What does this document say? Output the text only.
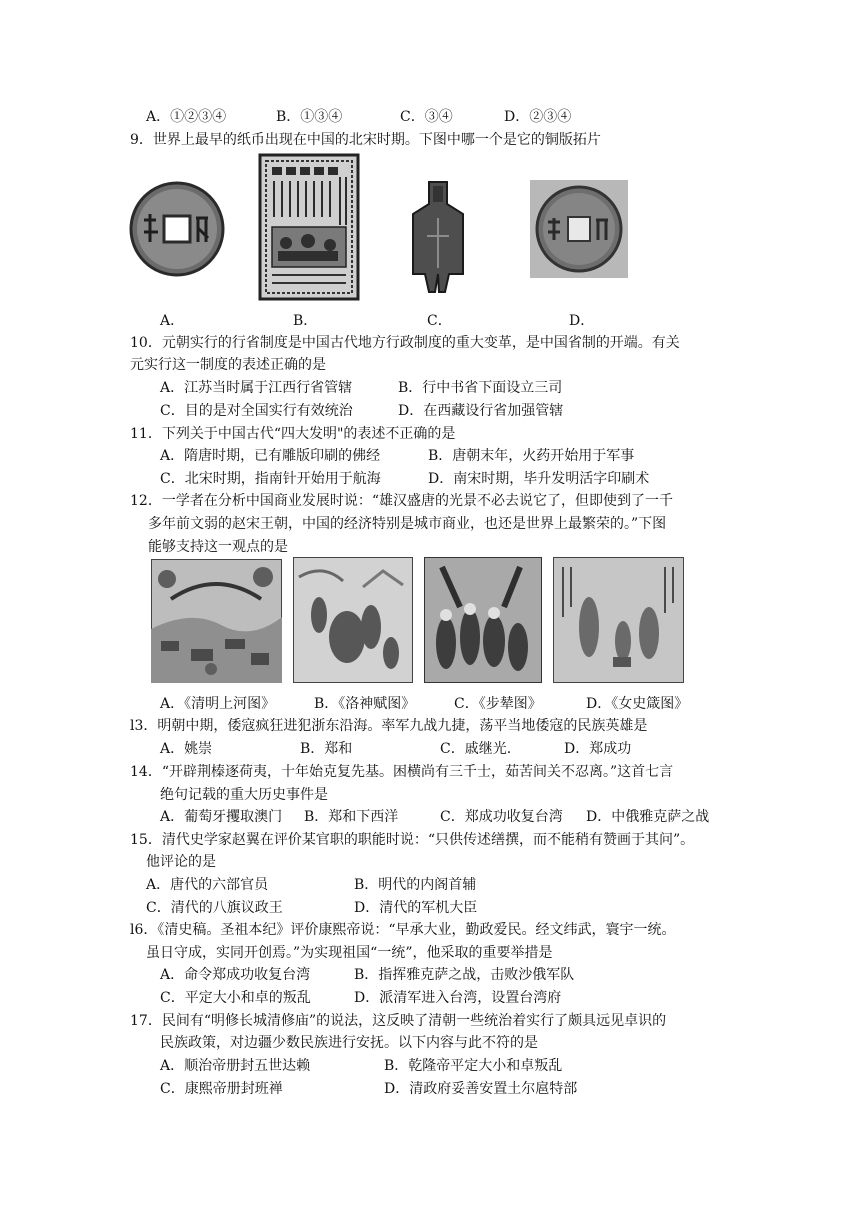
A．①②③④	B．①③④	C．③④	D．②③④
9．世界上最早的纸币出现在中国的北宋时期。下图中哪一个是它的铜版拓片
A．	B．	C．	D．
10．元朝实行的行省制度是中国古代地方行政制度的重大变革，是中国省制的开端。有关
元实行这一制度的表述正确的是
A．江苏当时属于江西行省管辖	B．行中书省下面设立三司
C．目的是对全国实行有效统治	D．在西藏设行省加强管辖
11．下列关于中国古代“四大发明"的表述不正确的是
A．隋唐时期，已有雕版印刷的佛经	B．唐朝末年，火药开始用于军事
C．北宋时期，指南针开始用于航海	D．南宋时期，毕升发明活字印刷术
12．一学者在分析中国商业发展时说：“雄汉盛唐的光景不必去说它了，但即使到了一千
多年前文弱的赵宋王朝，中国的经济特别是城市商业，也还是世界上最繁荣的。”下图
能够支持这一观点的是
A．《清明上河图》	B．《洛神赋图》	C．《步辇图》	D．《女史箴图》
l3．明朝中期，倭寇疯狂进犯浙东沿海。率军九战九捷，荡平当地倭寇的民族英雄是
A．姚崇	B．郑和	C．戚继光.	D．郑成功
14．“开辟荆榛逐荷夷，十年始克复先基。困横尚有三千士，茹苦间关不忍离。”这首七言
绝句记载的重大历史事件是
A．葡萄牙攫取澳门 B．郑和下西洋	C．郑成功收复台湾 D．中俄雅克萨之战
15．清代史学家赵翼在评价某官职的职能时说：“只供传述缮撰，而不能稍有赞画于其问”。
他评论的是
A．唐代的六部官员	B．明代的内阁首辅
C．清代的八旗议政王	D．清代的军机大臣
l6．《清史稿。圣祖本纪》评价康熙帝说：“早承大业，勤政爱民。经文纬武，寰宇一统。
虽日守成，实同开创焉。”为实现祖国“一统”，他采取的重要举措是
A．命令郑成功收复台湾	B．指挥雅克萨之战，击败沙俄军队
C．平定大小和卓的叛乱	D．派清军进入台湾，设置台湾府
17．民间有“明修长城清修庙”的说法，这反映了清朝一些统治着实行了颇具远见卓识的
民族政策，对边疆少数民族进行安抚。以下内容与此不符的是
A．顺治帝册封五世达赖	B．乾隆帝平定大小和卓叛乱
C．康熙帝册封班禅	D．清政府妥善安置土尔扈特部
